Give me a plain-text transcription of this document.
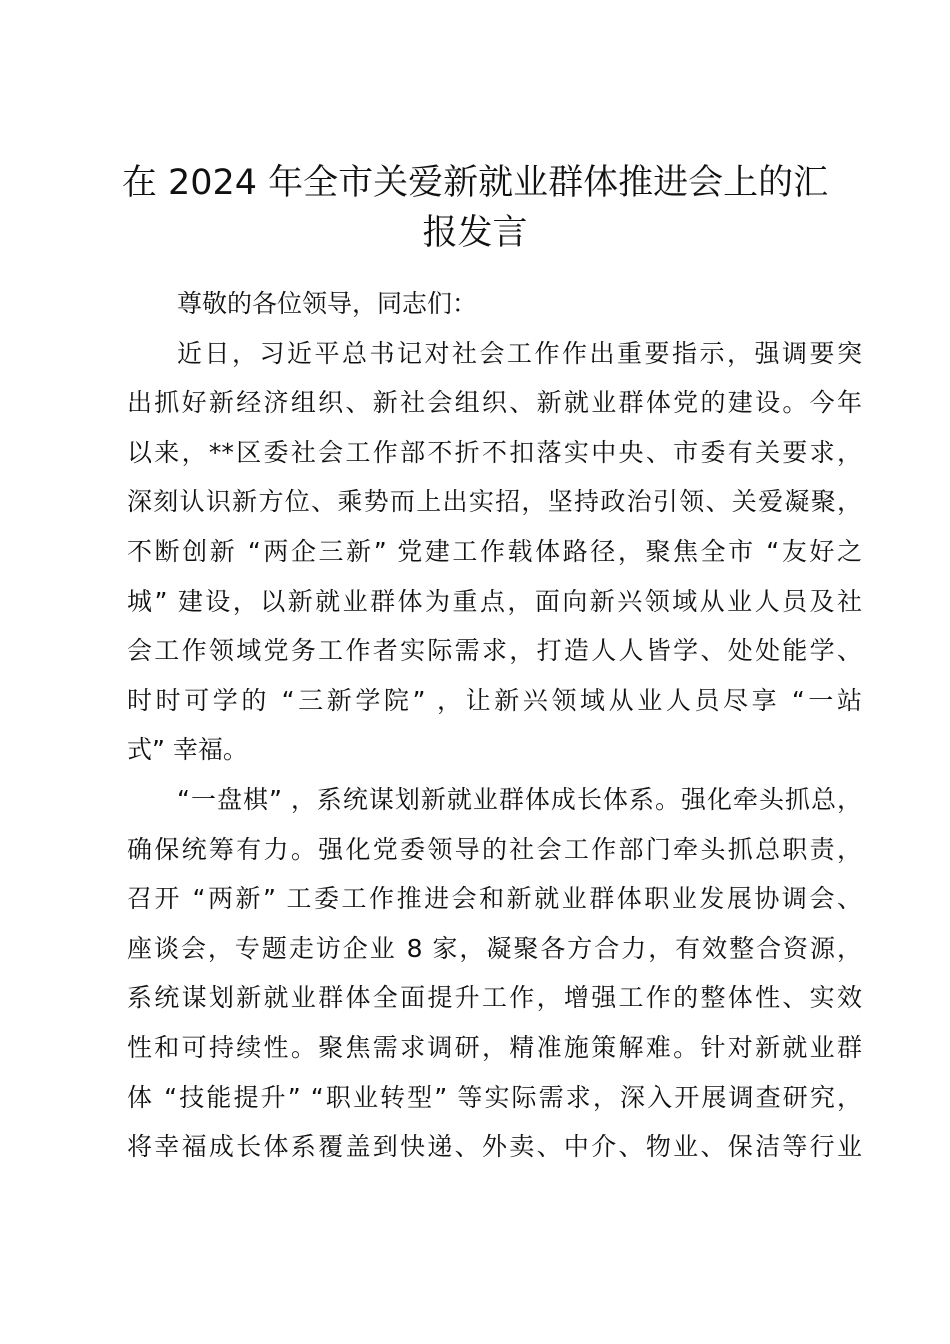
在 2024 年全市关爱新就业群体推进会上的汇
报发言
尊敬的各位领导，同志们：
近日，习近平总书记对社会工作作出重要指示，强调要突
出抓好新经济组织、新社会组织、新就业群体党的建设。今年
以来，**区委社会工作部不折不扣落实中央、市委有关要求，
深刻认识新方位、乘势而上出实招，坚持政治引领、关爱凝聚，
不断创新 “两企三新” 党建工作载体路径，聚焦全市 “友好之
城” 建设，以新就业群体为重点，面向新兴领域从业人员及社
会工作领域党务工作者实际需求，打造人人皆学、处处能学、
时时可学的 “三新学院” ，让新兴领域从业人员尽享 “一站
式” 幸福。
“一盘棋” ，系统谋划新就业群体成长体系。强化牵头抓总，
确保统筹有力。强化党委领导的社会工作部门牵头抓总职责，
召开 “两新” 工委工作推进会和新就业群体职业发展协调会、
座谈会，专题走访企业 8 家，凝聚各方合力，有效整合资源，
系统谋划新就业群体全面提升工作，增强工作的整体性、实效
性和可持续性。聚焦需求调研，精准施策解难。针对新就业群
体 “技能提升” “职业转型” 等实际需求，深入开展调查研究，
将幸福成长体系覆盖到快递、外卖、中介、物业、保洁等行业
